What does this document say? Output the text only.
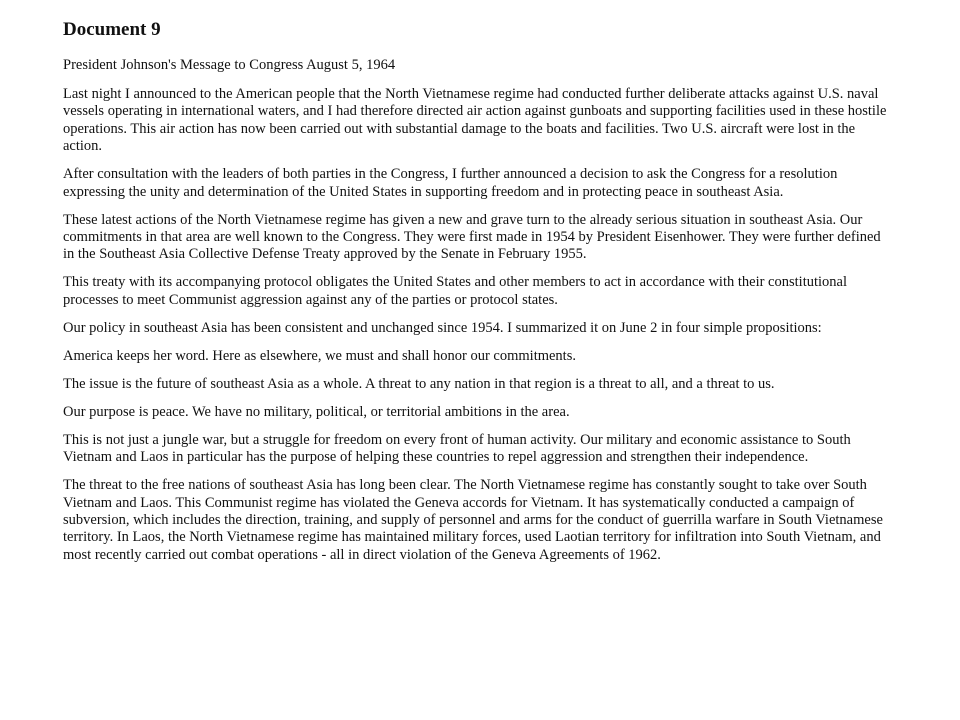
Document 9
President Johnson's Message to Congress August 5, 1964
Last night I announced to the American people that the North Vietnamese regime had conducted further deliberate attacks against U.S. naval vessels operating in international waters, and I had therefore directed air action against gunboats and supporting facilities used in these hostile operations. This air action has now been carried out with substantial damage to the boats and facilities. Two U.S. aircraft were lost in the action.
After consultation with the leaders of both parties in the Congress, I further announced a decision to ask the Congress for a resolution expressing the unity and determination of the United States in supporting freedom and in protecting peace in southeast Asia.
These latest actions of the North Vietnamese regime has given a new and grave turn to the already serious situation in southeast Asia. Our commitments in that area are well known to the Congress. They were first made in 1954 by President Eisenhower. They were further defined in the Southeast Asia Collective Defense Treaty approved by the Senate in February 1955.
This treaty with its accompanying protocol obligates the United States and other members to act in accordance with their constitutional processes to meet Communist aggression against any of the parties or protocol states.
Our policy in southeast Asia has been consistent and unchanged since 1954. I summarized it on June 2 in four simple propositions:
America keeps her word. Here as elsewhere, we must and shall honor our commitments.
The issue is the future of southeast Asia as a whole. A threat to any nation in that region is a threat to all, and a threat to us.
Our purpose is peace. We have no military, political, or territorial ambitions in the area.
This is not just a jungle war, but a struggle for freedom on every front of human activity. Our military and economic assistance to South Vietnam and Laos in particular has the purpose of helping these countries to repel aggression and strengthen their independence.
The threat to the free nations of southeast Asia has long been clear. The North Vietnamese regime has constantly sought to take over South Vietnam and Laos. This Communist regime has violated the Geneva accords for Vietnam. It has systematically conducted a campaign of subversion, which includes the direction, training, and supply of personnel and arms for the conduct of guerrilla warfare in South Vietnamese territory. In Laos, the North Vietnamese regime has maintained military forces, used Laotian territory for infiltration into South Vietnam, and most recently carried out combat operations - all in direct violation of the Geneva Agreements of 1962.
